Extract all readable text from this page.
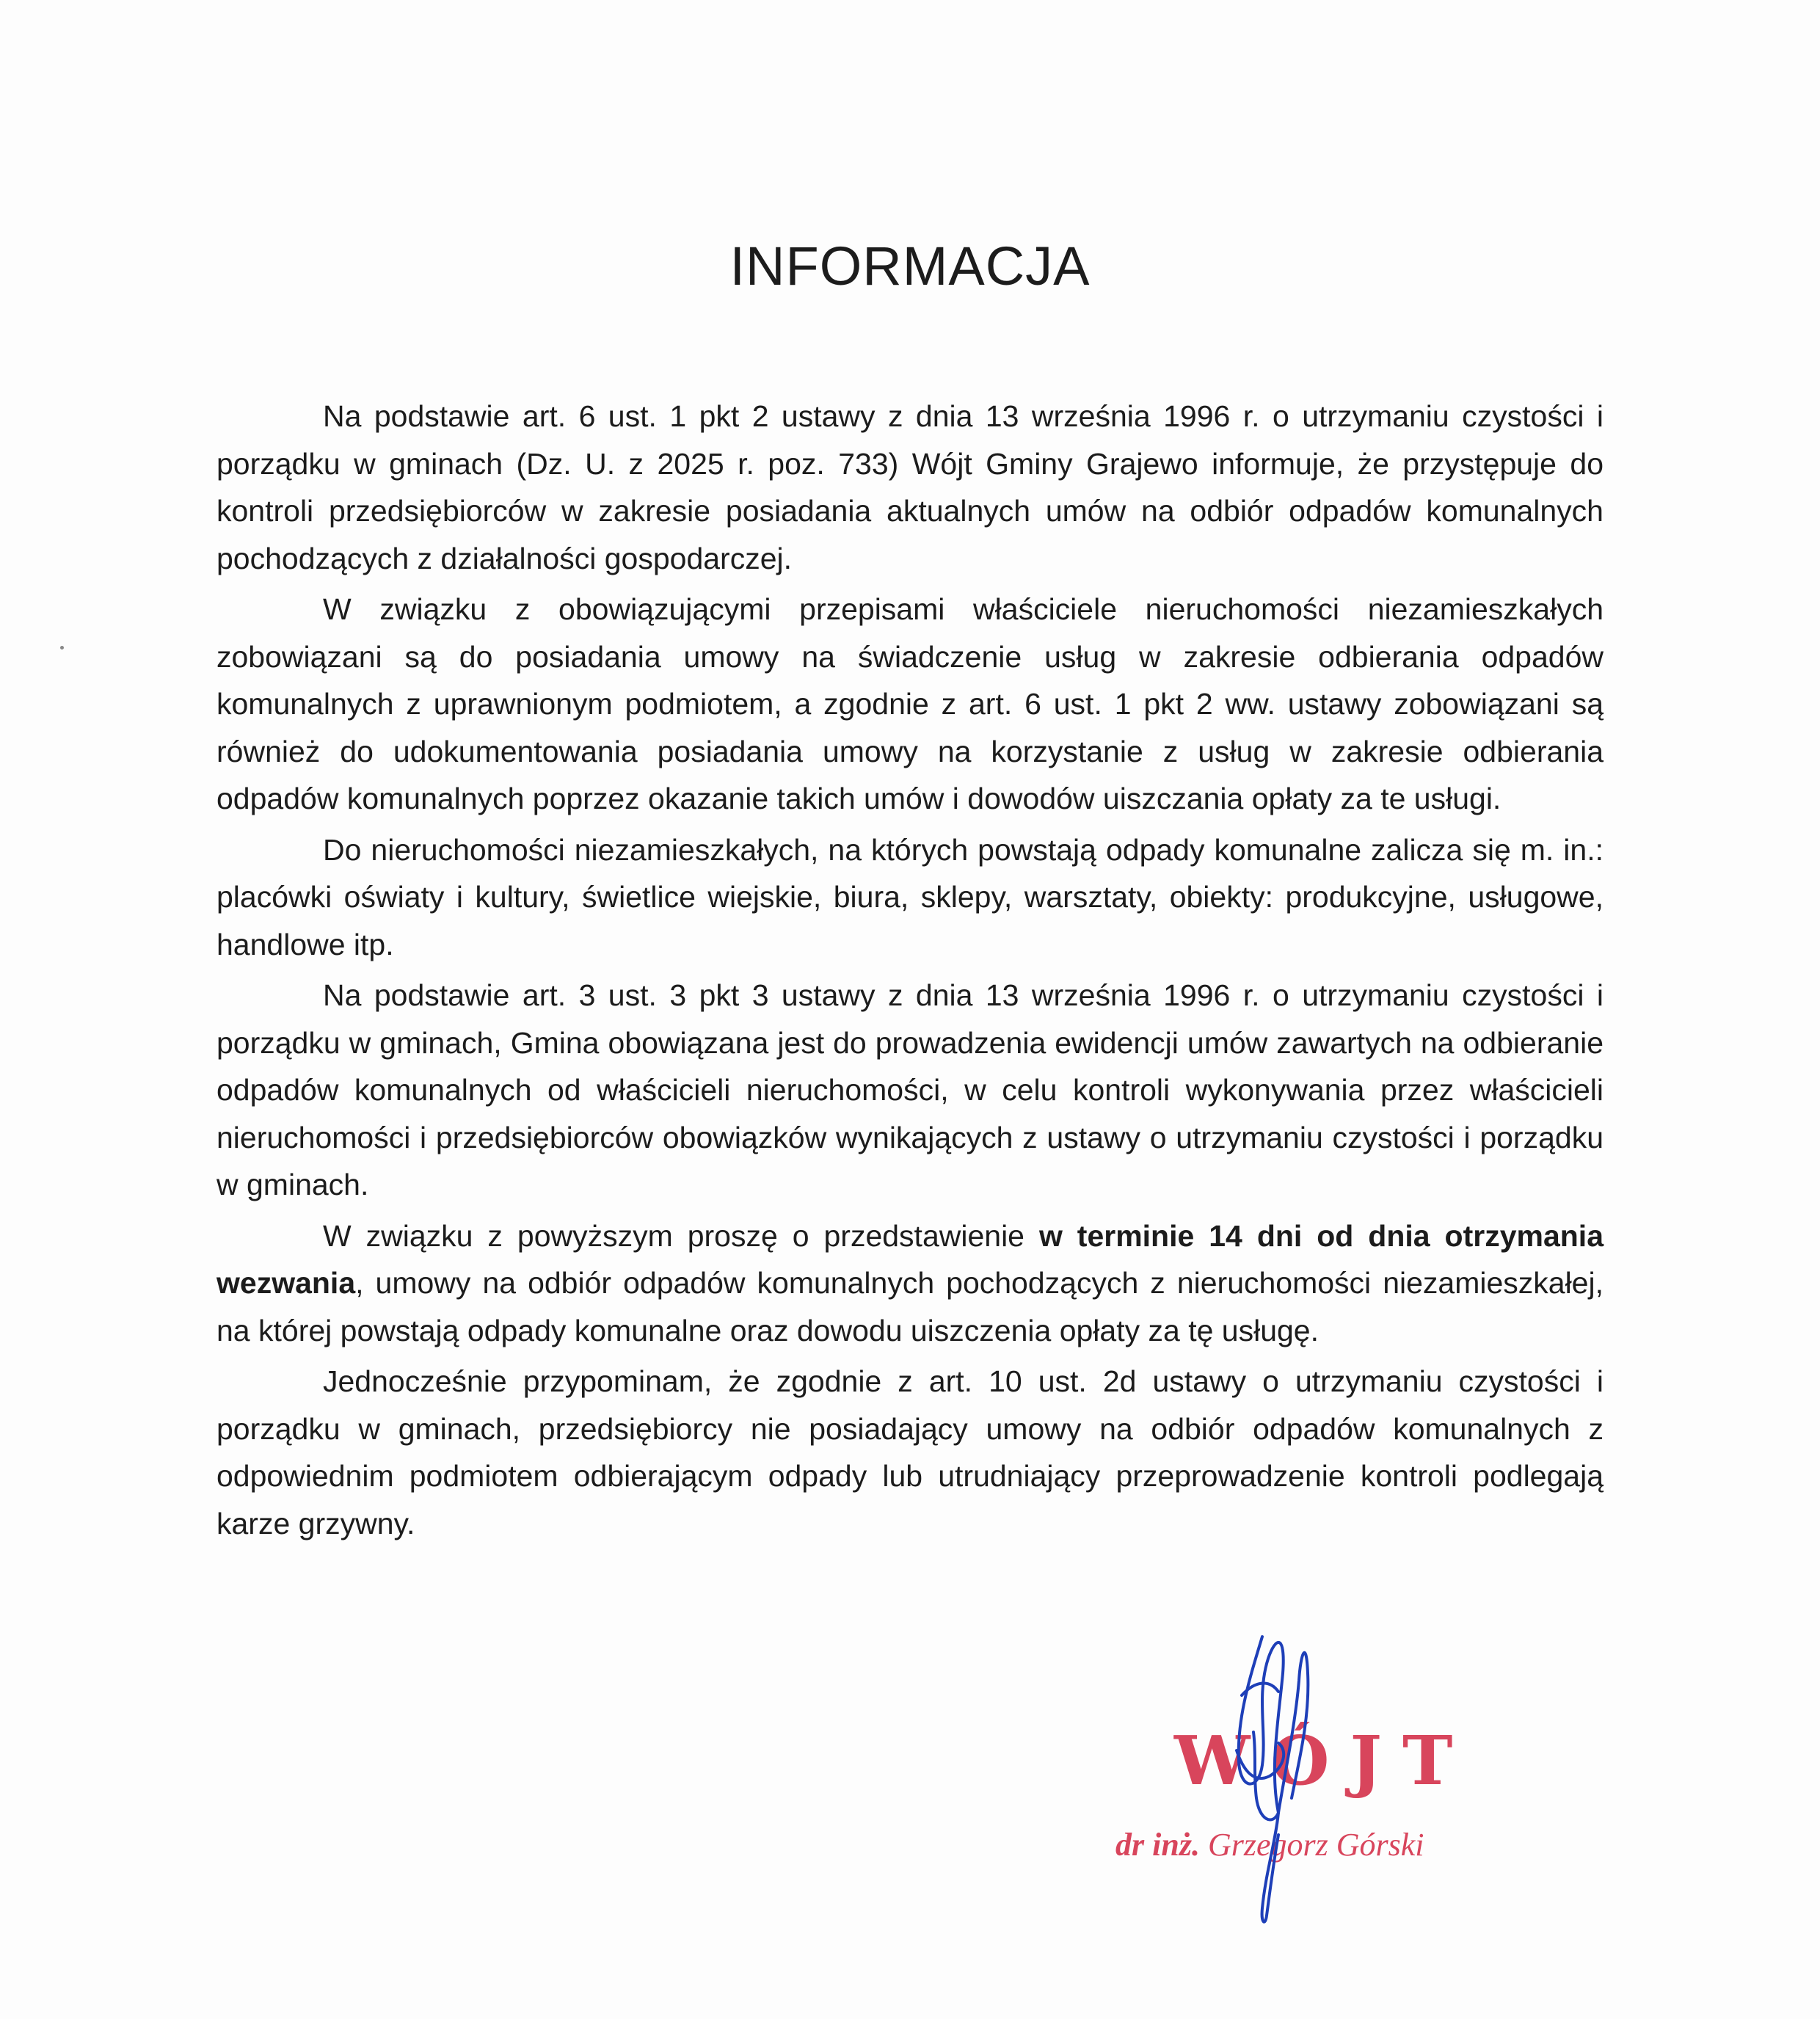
INFORMACJA

Na podstawie art. 6 ust. 1 pkt 2 ustawy z dnia 13 września 1996 r. o utrzymaniu czystości i porządku w gminach (Dz. U. z 2025 r. poz. 733) Wójt Gminy Grajewo informuje, że przystępuje do kontroli przedsiębiorców w zakresie posiadania aktualnych umów na odbiór odpadów komunalnych pochodzących z działalności gospodarczej.

W związku z obowiązującymi przepisami właściciele nieruchomości niezamieszkałych zobowiązani są do posiadania umowy na świadczenie usług w zakresie odbierania odpadów komunalnych z uprawnionym podmiotem, a zgodnie z art. 6 ust. 1 pkt 2 ww. ustawy zobowiązani są również do udokumentowania posiadania umowy na korzystanie z usług w zakresie odbierania odpadów komunalnych poprzez okazanie takich umów i dowodów uiszczania opłaty za te usługi.

Do nieruchomości niezamieszkałych, na których powstają odpady komunalne zalicza się m. in.: placówki oświaty i kultury, świetlice wiejskie, biura, sklepy, warsztaty, obiekty: produkcyjne, usługowe, handlowe itp.

Na podstawie art. 3 ust. 3 pkt 3 ustawy z dnia 13 września 1996 r. o utrzymaniu czystości i porządku w gminach, Gmina obowiązana jest do prowadzenia ewidencji umów zawartych na odbieranie odpadów komunalnych od właścicieli nieruchomości, w celu kontroli wykonywania przez właścicieli nieruchomości i przedsiębiorców obowiązków wynikających z ustawy o utrzymaniu czystości i porządku w gminach.

W związku z powyższym proszę o przedstawienie w terminie 14 dni od dnia otrzymania wezwania, umowy na odbiór odpadów komunalnych pochodzących z nieruchomości niezamieszkałej, na której powstają odpady komunalne oraz dowodu uiszczenia opłaty za tę usługę.

Jednocześnie przypominam, że zgodnie z art. 10 ust. 2d ustawy o utrzymaniu czystości i porządku w gminach, przedsiębiorcy nie posiadający umowy na odbiór odpadów komunalnych z odpowiednim podmiotem odbierającym odpady lub utrudniający przeprowadzenie kontroli podlegają karze grzywny.

WÓJT
dr inż. Grzegorz Górski
